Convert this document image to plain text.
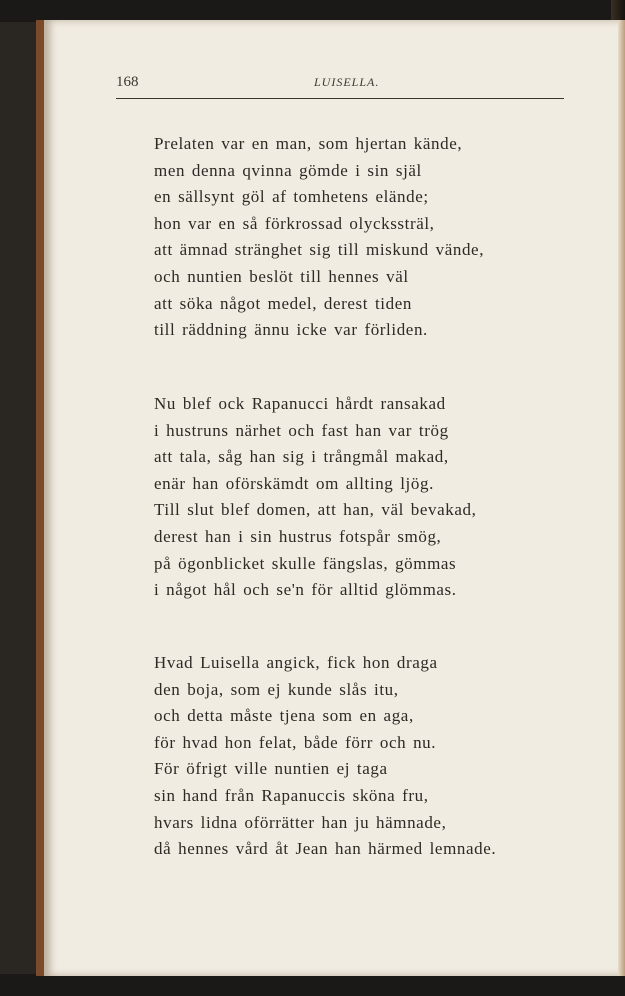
168	LUISELLA.
Prelaten var en man, som hjertan kände,
men denna qvinna gömde i sin själ
en sällsynt göl af tomhetens elände;
hon var en så förkrossad olyckssträl,
att ämnad stränghet sig till miskund vände,
och nuntien beslöt till hennes väl
att söka något medel, derest tiden
till räddning ännu icke var förliden.
Nu blef ock Rapanucci hårdt ransakad
i hustruns närhet och fast han var trög
att tala, såg han sig i trångmål makad,
enär han oförskämdt om allting ljög.
Till slut blef domen, att han, väl bevakad,
derest han i sin hustrus fotspår smög,
på ögonblicket skulle fängslas, gömmas
i något hål och se'n för alltid glömmas.
Hvad Luisella angick, fick hon draga
den boja, som ej kunde slås itu,
och detta måste tjena som en aga,
för hvad hon felat, både förr och nu.
För öfrigt ville nuntien ej taga
sin hand från Rapanuccis sköna fru,
hvars lidna oförrätter han ju hämnade,
då hennes vård åt Jean han härmed lemnade.
